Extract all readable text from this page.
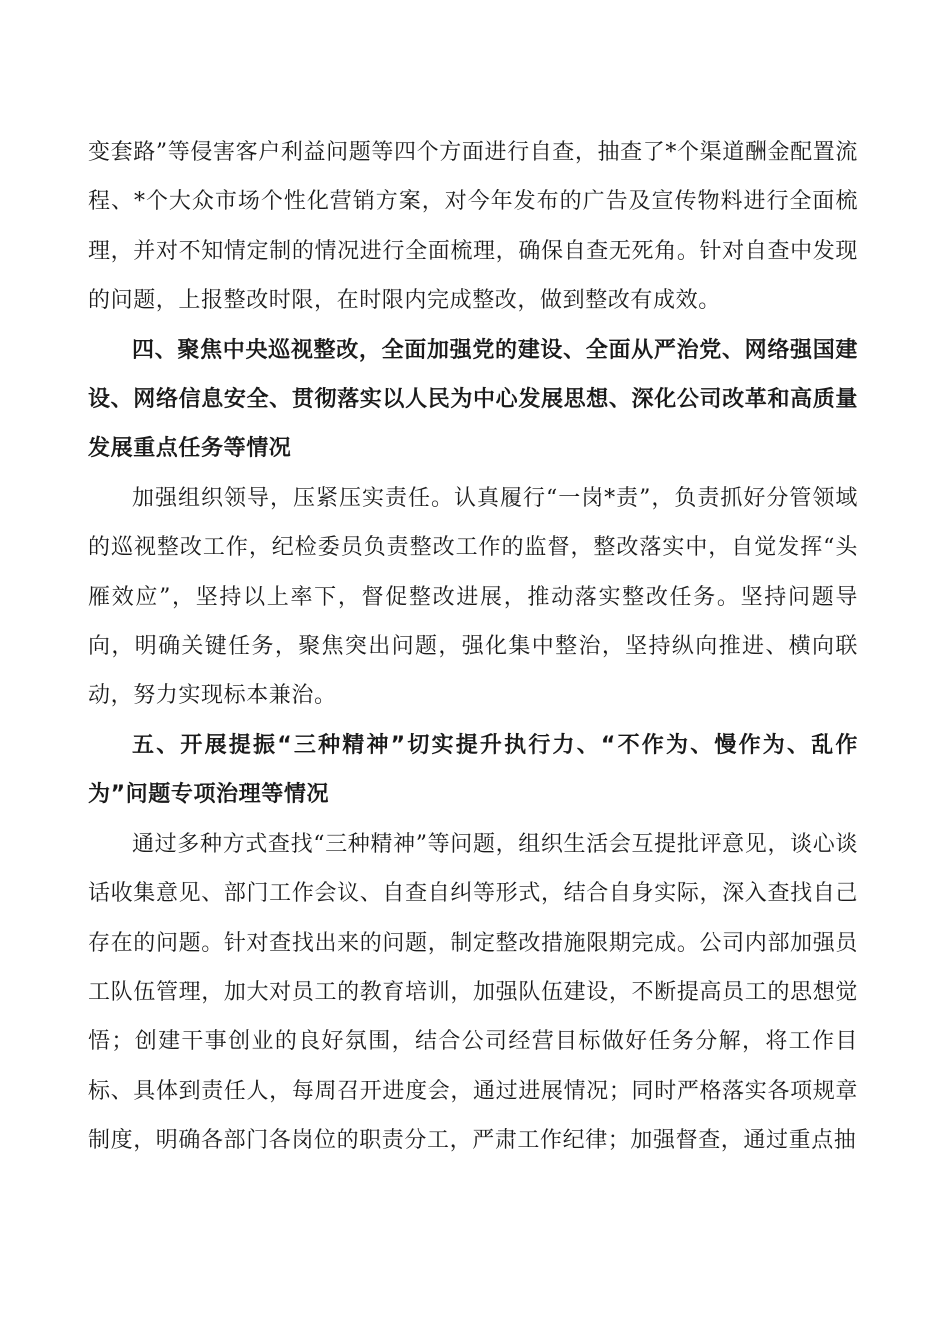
变套路”等侵害客户利益问题等四个方面进行自查，抽查了*个渠道酬金配置流程、*个大众市场个性化营销方案，对今年发布的广告及宣传物料进行全面梳理，并对不知情定制的情况进行全面梳理，确保自查无死角。针对自查中发现的问题，上报整改时限，在时限内完成整改，做到整改有成效。

四、聚焦中央巡视整改，全面加强党的建设、全面从严治党、网络强国建设、网络信息安全、贯彻落实以人民为中心发展思想、深化公司改革和高质量发展重点任务等情况

加强组织领导，压紧压实责任。认真履行“一岗*责”，负责抓好分管领域的巡视整改工作，纪检委员负责整改工作的监督，整改落实中，自觉发挥“头雁效应”，坚持以上率下，督促整改进展，推动落实整改任务。坚持问题导向，明确关键任务，聚焦突出问题，强化集中整治，坚持纵向推进、横向联动，努力实现标本兼治。

五、开展提振“三种精神”切实提升执行力、“不作为、慢作为、乱作为”问题专项治理等情况

通过多种方式查找“三种精神”等问题，组织生活会互提批评意见，谈心谈话收集意见、部门工作会议、自查自纠等形式，结合自身实际，深入查找自己存在的问题。针对查找出来的问题，制定整改措施限期完成。公司内部加强员工队伍管理，加大对员工的教育培训，加强队伍建设，不断提高员工的思想觉悟；创建干事创业的良好氛围，结合公司经营目标做好任务分解，将工作目标、具体到责任人，每周召开进度会，通过进展情况；同时严格落实各项规章制度，明确各部门各岗位的职责分工，严肃工作纪律；加强督查，通过重点抽
